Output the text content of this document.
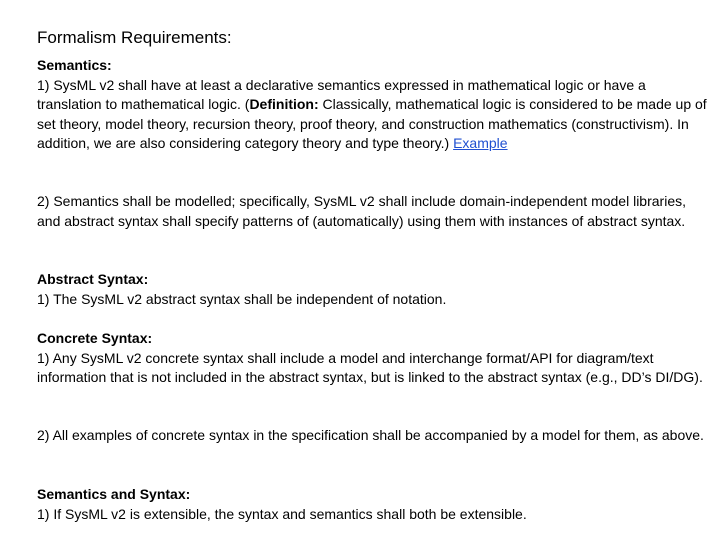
Formalism Requirements:

Semantics:

1) SysML v2 shall have at least a declarative semantics expressed in mathematical logic or have a translation to mathematical logic. (Definition: Classically, mathematical logic is considered to be made up of set theory, model theory, recursion theory, proof theory, and construction mathematics (constructivism). In addition, we are also considering category theory and type theory.) Example

2) Semantics shall be modelled; specifically, SysML v2 shall include domain-independent model libraries, and abstract syntax shall specify patterns of (automatically) using them with instances of abstract syntax.

Abstract Syntax:

1) The SysML v2 abstract syntax shall be independent of notation.

Concrete Syntax:

1) Any SysML v2 concrete syntax shall include a model and interchange format/API for diagram/text information that is not included in the abstract syntax, but is linked to the abstract syntax (e.g., DD’s DI/DG).

2) All examples of concrete syntax in the specification shall be accompanied by a model for them, as above.

Semantics and Syntax:

1) If SysML v2 is extensible, the syntax and semantics shall both be extensible.
